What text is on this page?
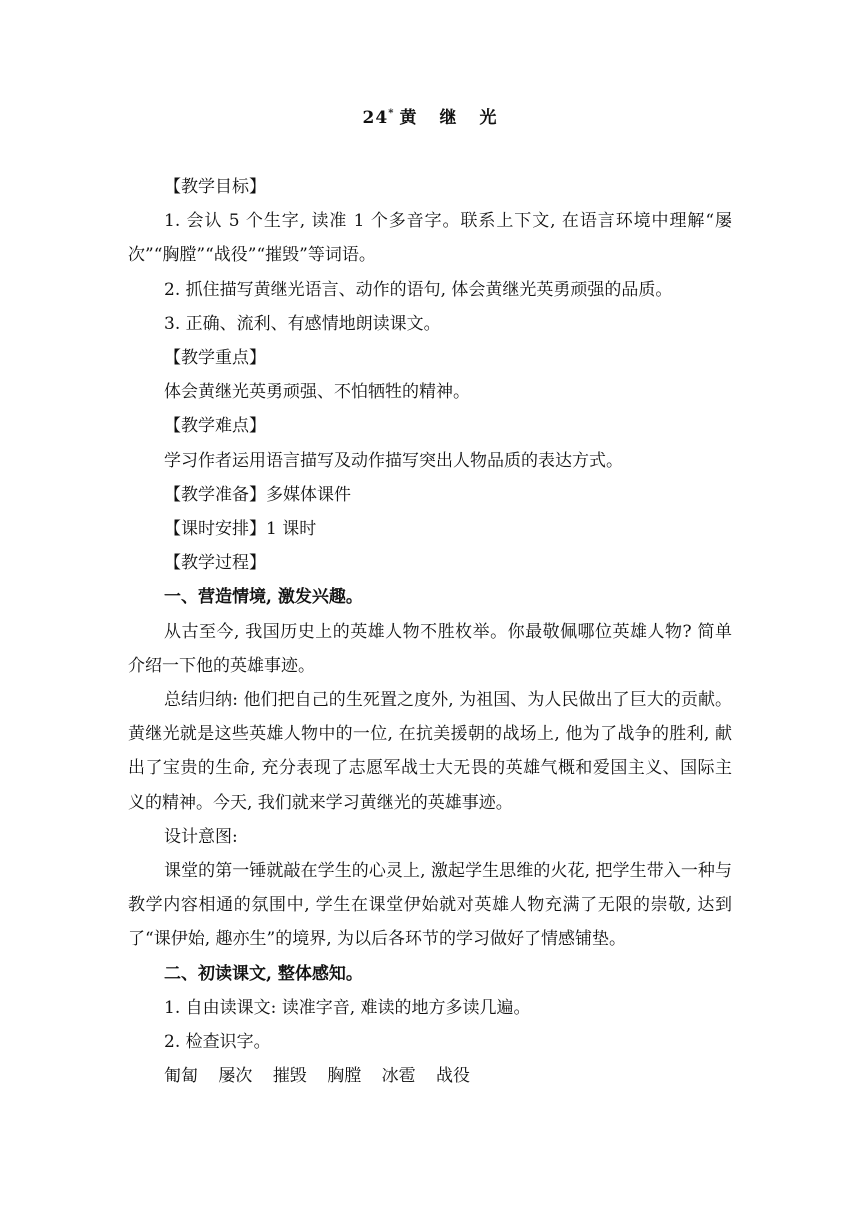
24* 黄 继 光

【教学目标】

1. 会认 5 个生字, 读准 1 个多音字。联系上下文, 在语言环境中理解“屡次”“胸膛”“战役”“摧毁”等词语。

2. 抓住描写黄继光语言、动作的语句, 体会黄继光英勇顽强的品质。

3. 正确、流利、有感情地朗读课文。

【教学重点】

体会黄继光英勇顽强、不怕牺牲的精神。

【教学难点】

学习作者运用语言描写及动作描写突出人物品质的表达方式。

【教学准备】多媒体课件

【课时安排】1 课时

【教学过程】

一、营造情境, 激发兴趣。

从古至今, 我国历史上的英雄人物不胜枚举。你最敬佩哪位英雄人物? 简单介绍一下他的英雄事迹。

总结归纳: 他们把自己的生死置之度外, 为祖国、为人民做出了巨大的贡献。黄继光就是这些英雄人物中的一位, 在抗美援朝的战场上, 他为了战争的胜利, 献出了宝贵的生命, 充分表现了志愿军战士大无畏的英雄气概和爱国主义、国际主义的精神。今天, 我们就来学习黄继光的英雄事迹。

设计意图:

课堂的第一锤就敲在学生的心灵上, 激起学生思维的火花, 把学生带入一种与教学内容相通的氛围中, 学生在课堂伊始就对英雄人物充满了无限的崇敬, 达到了“课伊始, 趣亦生”的境界, 为以后各环节的学习做好了情感铺垫。

二、初读课文, 整体感知。

1. 自由读课文: 读准字音, 难读的地方多读几遍。

2. 检查识字。

匍匐 屡次 摧毁 胸膛 冰雹 战役
